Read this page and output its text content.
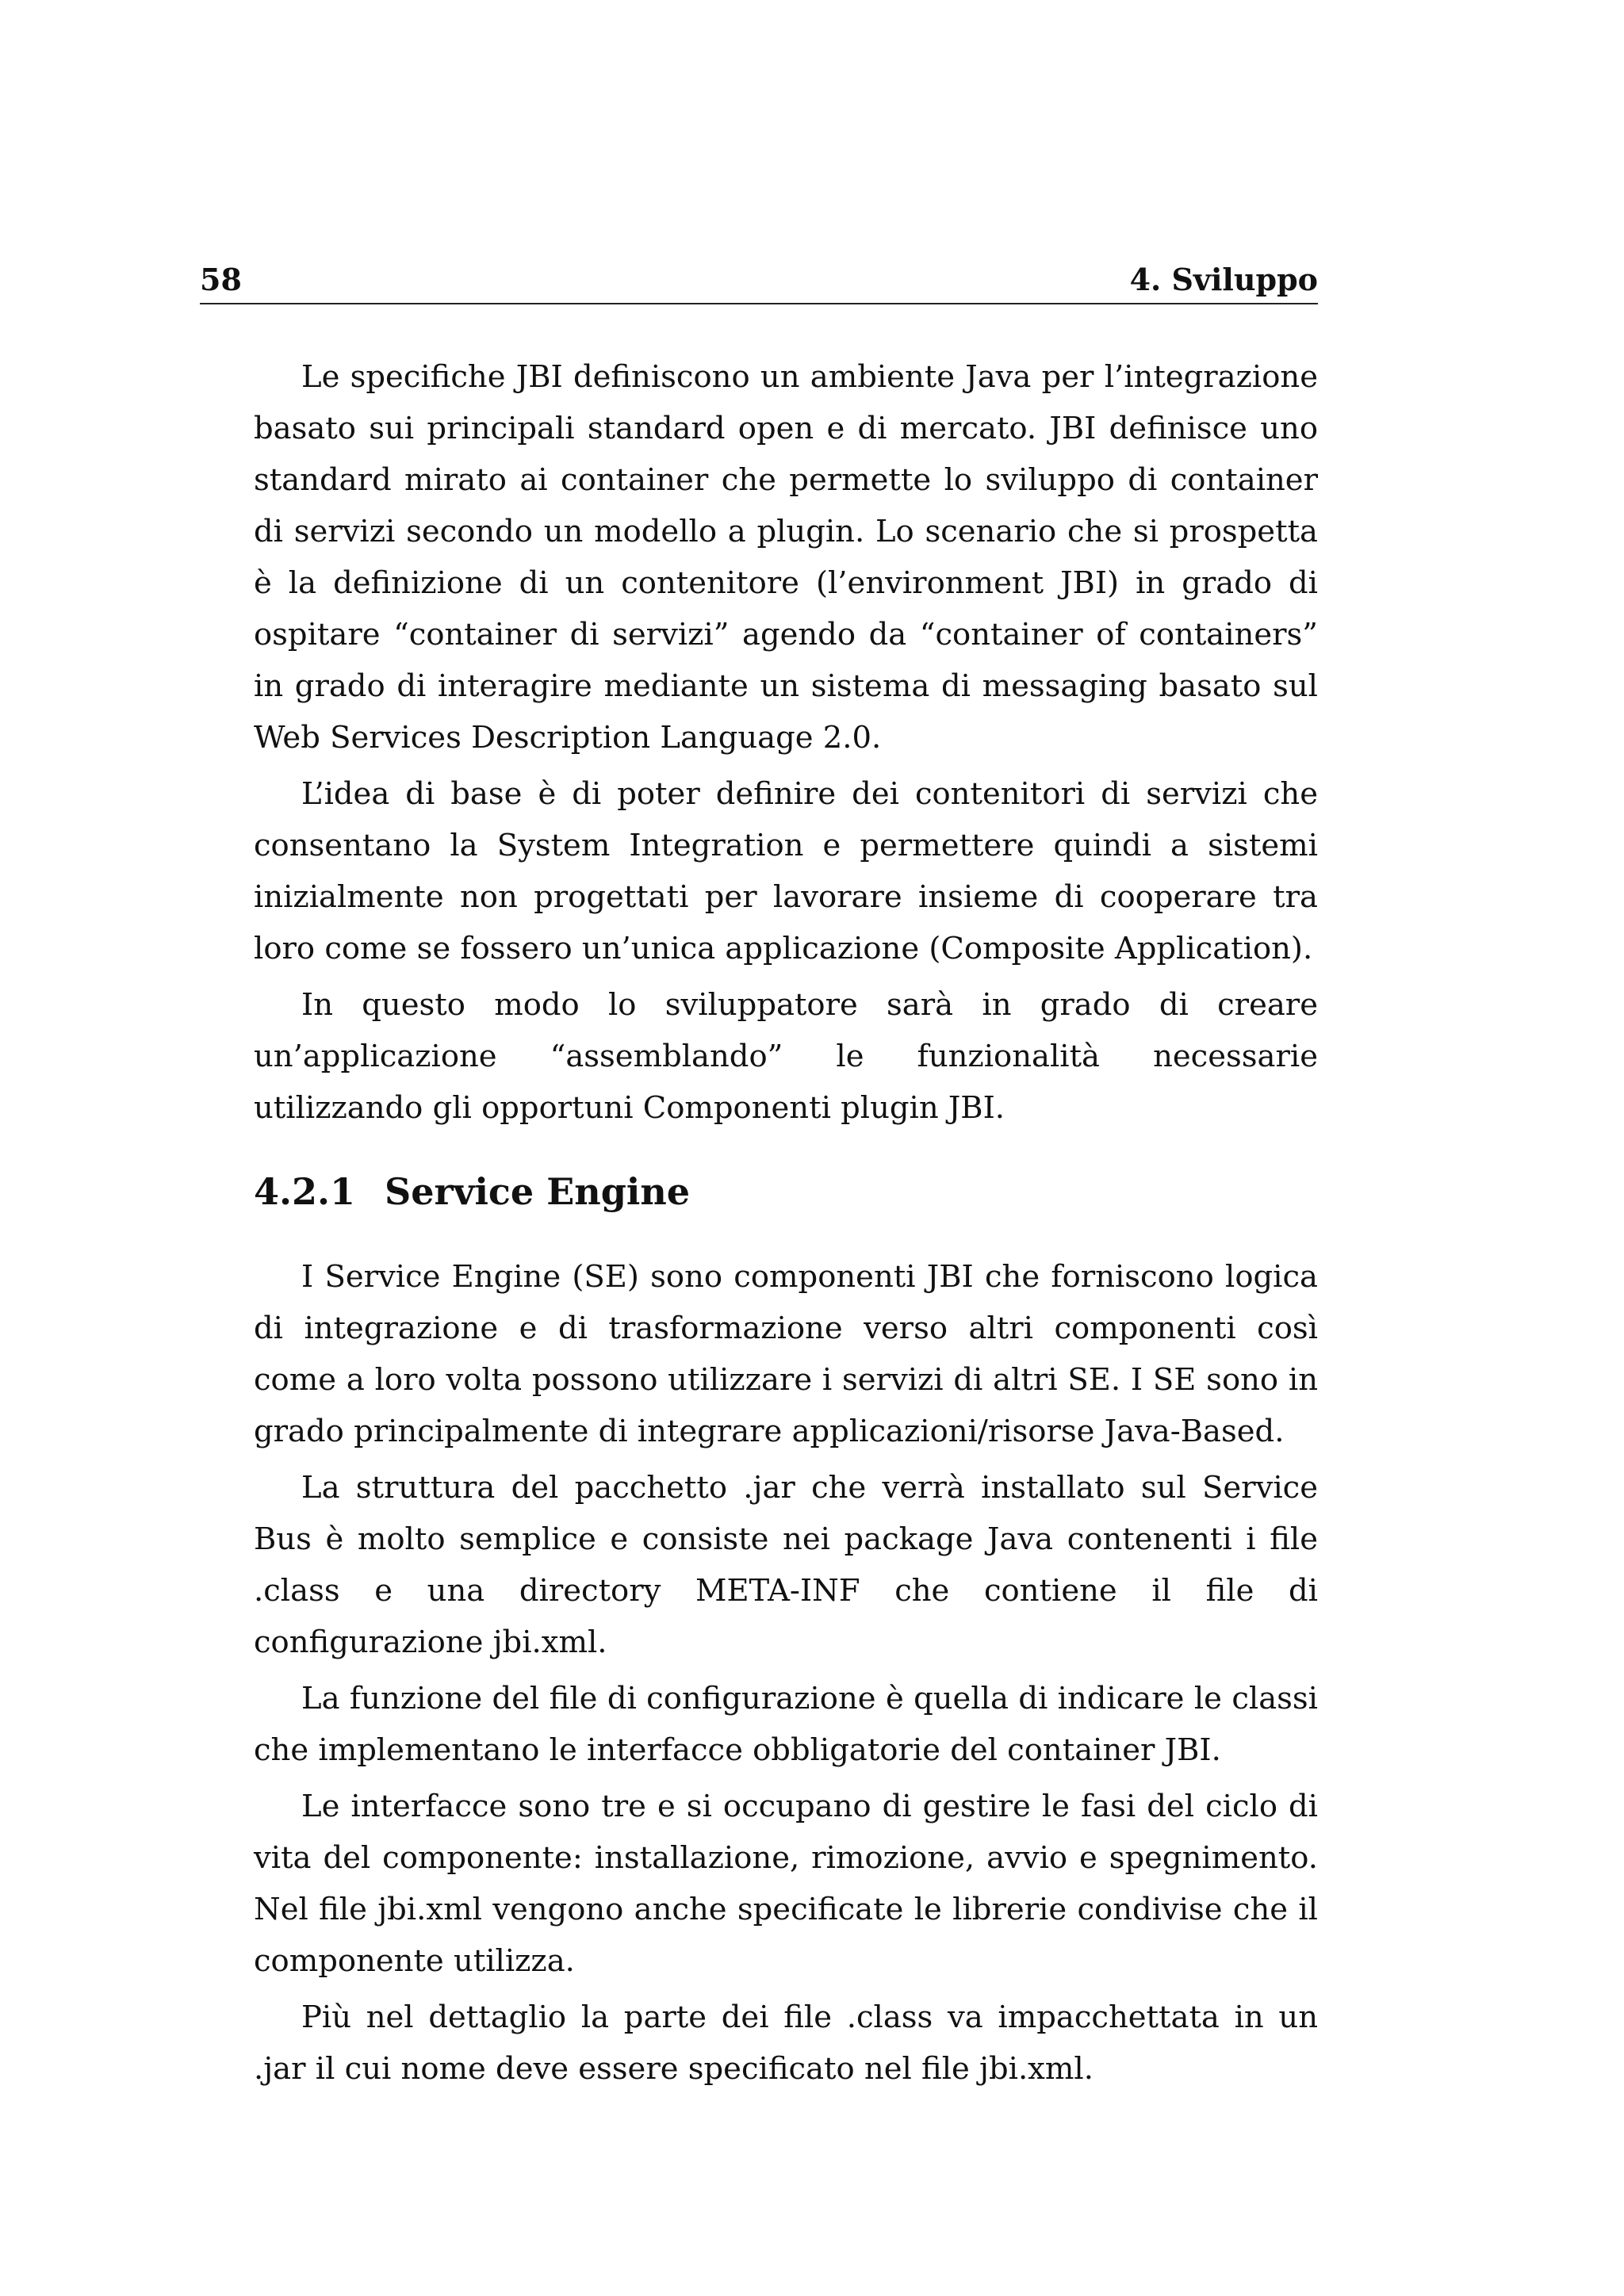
58	4. Sviluppo

Le specifiche JBI definiscono un ambiente Java per l’integrazione basato sui principali standard open e di mercato. JBI definisce uno standard mirato ai container che permette lo sviluppo di container di servizi secondo un modello a plugin. Lo scenario che si prospetta è la definizione di un contenitore (l’environment JBI) in grado di ospitare “container di servizi” agendo da “container of containers” in grado di interagire mediante un sistema di messaging basato sul Web Services Description Language 2.0.

L’idea di base è di poter definire dei contenitori di servizi che consentano la System Integration e permettere quindi a sistemi inizialmente non progettati per lavorare insieme di cooperare tra loro come se fossero un’unica applicazione (Composite Application).

In questo modo lo sviluppatore sarà in grado di creare un’applicazione “assemblando” le funzionalità necessarie utilizzando gli opportuni Componenti plugin JBI.

4.2.1 Service Engine

I Service Engine (SE) sono componenti JBI che forniscono logica di integrazione e di trasformazione verso altri componenti così come a loro volta possono utilizzare i servizi di altri SE. I SE sono in grado principalmente di integrare applicazioni/risorse Java-Based.

La struttura del pacchetto .jar che verrà installato sul Service Bus è molto semplice e consiste nei package Java contenenti i file .class e una directory META-INF che contiene il file di configurazione jbi.xml.

La funzione del file di configurazione è quella di indicare le classi che implementano le interfacce obbligatorie del container JBI.

Le interfacce sono tre e si occupano di gestire le fasi del ciclo di vita del componente: installazione, rimozione, avvio e spegnimento. Nel file jbi.xml vengono anche specificate le librerie condivise che il componente utilizza.

Più nel dettaglio la parte dei file .class va impacchettata in un .jar il cui nome deve essere specificato nel file jbi.xml.
